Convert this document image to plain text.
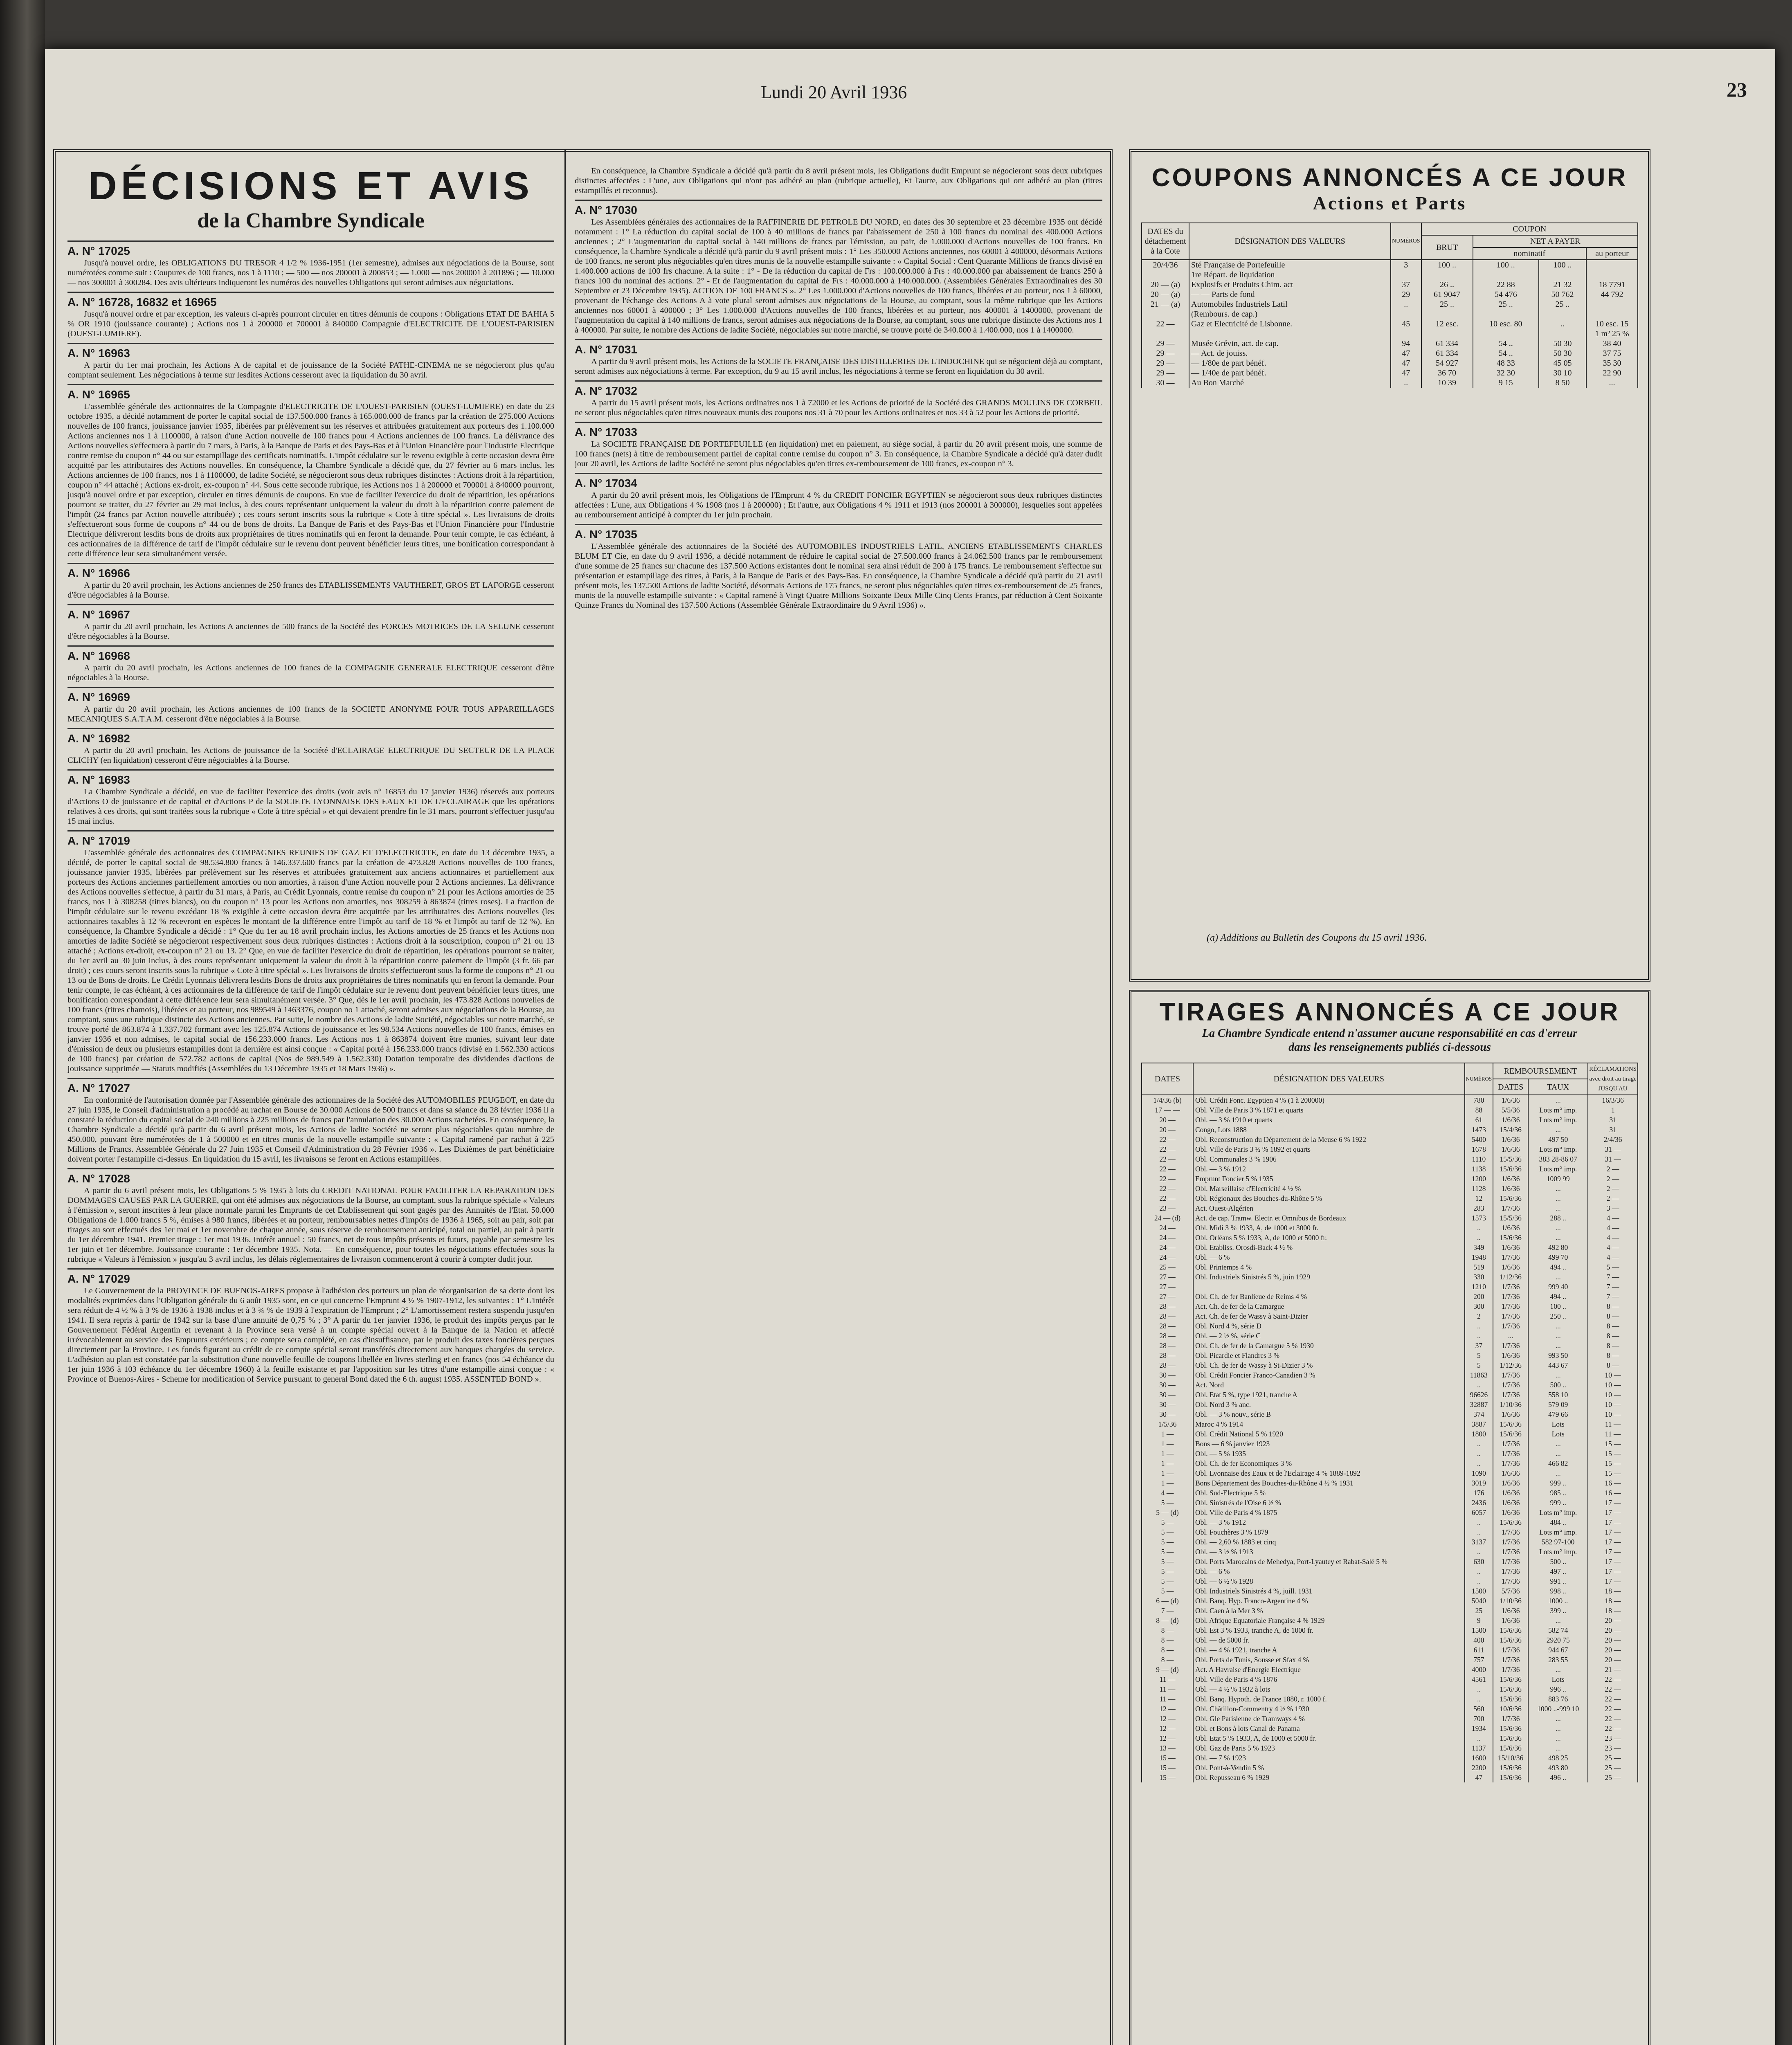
Lundi 20 Avril 1936	23
DÉCISIONS ET AVIS
de la Chambre Syndicale
A. N° 17025

Jusqu'à nouvel ordre, les OBLIGATIONS DU TRESOR 4 1/2 % 1936-1951 (1er semestre), admises aux négociations de la Bourse, sont numérotées comme suit : Coupures de 100 francs, nos 1 à 1110 ; — 500 — nos 200001 à 200853 ; — 1.000 — nos 200001 à 201896 ; — 10.000 — nos 300001 à 300284. Des avis ultérieurs indiqueront les numéros des nouvelles Obligations qui seront admises aux négociations.

A. N° 16728, 16832 et 16965

Jusqu'à nouvel ordre et par exception, les valeurs ci-après pourront circuler en titres démunis de coupons : Obligations ETAT DE BAHIA 5 % OR 1910 (jouissance courante) ; Actions nos 1 à 200000 et 700001 à 840000 Compagnie d'ELECTRICITE DE L'OUEST-PARISIEN (OUEST-LUMIERE).

A. N° 16963

A partir du 1er mai prochain, les Actions A de capital et de jouissance de la Société PATHE-CINEMA ne se négocieront plus qu'au comptant seulement. Les négociations à terme sur lesdites Actions cesseront avec la liquidation du 30 avril.

A. N° 16965

L'assemblée générale des actionnaires de la Compagnie d'ELECTRICITE DE L'OUEST-PARISIEN (OUEST-LUMIERE) en date du 23 octobre 1935, a décidé notamment de porter le capital social de 137.500.000 francs à 165.000.000 de francs par la création de 275.000 Actions nouvelles de 100 francs, jouissance janvier 1935, libérées par prélèvement sur les réserves et attribuées gratuitement aux porteurs des 1.100.000 Actions anciennes nos 1 à 1100000, à raison d'une Action nouvelle de 100 francs pour 4 Actions anciennes de 100 francs. La délivrance des Actions nouvelles s'effectuera à partir du 7 mars, à Paris, à la Banque de Paris et des Pays-Bas et à l'Union Financière pour l'Industrie Electrique contre remise du coupon n° 44 ou sur estampillage des certificats nominatifs. L'impôt cédulaire sur le revenu exigible à cette occasion devra être acquitté par les attributaires des Actions nouvelles. En conséquence, la Chambre Syndicale a décidé que, du 27 février au 6 mars inclus, les Actions anciennes de 100 francs, nos 1 à 1100000, de ladite Société, se négocieront sous deux rubriques distinctes : Actions droit à la répartition, coupon n° 44 attaché ; Actions ex-droit, ex-coupon n° 44. Sous cette seconde rubrique, les Actions nos 1 à 200000 et 700001 à 840000 pourront, jusqu'à nouvel ordre et par exception, circuler en titres démunis de coupons. En vue de faciliter l'exercice du droit de répartition, les opérations pourront se traiter, du 27 février au 29 mai inclus, à des cours représentant uniquement la valeur du droit à la répartition contre paiement de l'impôt (24 francs par Action nouvelle attribuée) ; ces cours seront inscrits sous la rubrique « Cote à titre spécial ». Les livraisons de droits s'effectueront sous forme de coupons n° 44 ou de bons de droits. La Banque de Paris et des Pays-Bas et l'Union Financière pour l'Industrie Electrique délivreront lesdits bons de droits aux propriétaires de titres nominatifs qui en feront la demande. Pour tenir compte, le cas échéant, à ces actionnaires de la différence de tarif de l'impôt cédulaire sur le revenu dont peuvent bénéficier leurs titres, une bonification correspondant à cette différence leur sera simultanément versée.

A. N° 16966

A partir du 20 avril prochain, les Actions anciennes de 250 francs des ETABLISSEMENTS VAUTHERET, GROS ET LAFORGE cesseront d'être négociables à la Bourse.

A. N° 16967

A partir du 20 avril prochain, les Actions A anciennes de 500 francs de la Société des FORCES MOTRICES DE LA SELUNE cesseront d'être négociables à la Bourse.

A. N° 16968

A partir du 20 avril prochain, les Actions anciennes de 100 francs de la COMPAGNIE GENERALE ELECTRIQUE cesseront d'être négociables à la Bourse.

A. N° 16969

A partir du 20 avril prochain, les Actions anciennes de 100 francs de la SOCIETE ANONYME POUR TOUS APPAREILLAGES MECANIQUES S.A.T.A.M. cesseront d'être négociables à la Bourse.

A. N° 16982

A partir du 20 avril prochain, les Actions de jouissance de la Société d'ECLAIRAGE ELECTRIQUE DU SECTEUR DE LA PLACE CLICHY (en liquidation) cesseront d'être négociables à la Bourse.

A. N° 16983

La Chambre Syndicale a décidé, en vue de faciliter l'exercice des droits (voir avis n° 16853 du 17 janvier 1936) réservés aux porteurs d'Actions O de jouissance et de capital et d'Actions P de la SOCIETE LYONNAISE DES EAUX ET DE L'ECLAIRAGE que les opérations relatives à ces droits, qui sont traitées sous la rubrique « Cote à titre spécial » et qui devaient prendre fin le 31 mars, pourront s'effectuer jusqu'au 15 mai inclus.

A. N° 17019

L'assemblée générale des actionnaires des COMPAGNIES REUNIES DE GAZ ET D'ELECTRICITE, en date du 13 décembre 1935, a décidé, de porter le capital social de 98.534.800 francs à 146.337.600 francs par la création de 473.828 Actions nouvelles de 100 francs, jouissance janvier 1935, libérées par prélèvement sur les réserves et attribuées gratuitement aux anciens actionnaires et partiellement aux porteurs des Actions anciennes partiellement amorties ou non amorties, à raison d'une Action nouvelle pour 2 Actions anciennes. La délivrance des Actions nouvelles s'effectue, à partir du 31 mars, à Paris, au Crédit Lyonnais, contre remise du coupon n° 21 pour les Actions amorties de 25 francs, nos 1 à 308258 (titres blancs), ou du coupon n° 13 pour les Actions non amorties, nos 308259 à 863874 (titres roses). La fraction de l'impôt cédulaire sur le revenu excédant 18 % exigible à cette occasion devra être acquittée par les attributaires des Actions nouvelles (les actionnaires taxables à 12 % recevront en espèces le montant de la différence entre l'impôt au tarif de 18 % et l'impôt au tarif de 12 %). En conséquence, la Chambre Syndicale a décidé : 1° Que du 1er au 18 avril prochain inclus, les Actions amorties de 25 francs et les Actions non amorties de ladite Société se négocieront respectivement sous deux rubriques distinctes : Actions droit à la souscription, coupon n° 21 ou 13 attaché ; Actions ex-droit, ex-coupon n° 21 ou 13. 2° Que, en vue de faciliter l'exercice du droit de répartition, les opérations pourront se traiter, du 1er avril au 30 juin inclus, à des cours représentant uniquement la valeur du droit à la répartition contre paiement de l'impôt (3 fr. 66 par droit) ; ces cours seront inscrits sous la rubrique « Cote à titre spécial ». Les livraisons de droits s'effectueront sous la forme de coupons n° 21 ou 13 ou de Bons de droits. Le Crédit Lyonnais délivrera lesdits Bons de droits aux propriétaires de titres nominatifs qui en feront la demande. Pour tenir compte, le cas échéant, à ces actionnaires de la différence de tarif de l'impôt cédulaire sur le revenu dont peuvent bénéficier leurs titres, une bonification correspondant à cette différence leur sera simultanément versée. 3° Que, dès le 1er avril prochain, les 473.828 Actions nouvelles de 100 francs (titres chamois), libérées et au porteur, nos 989549 à 1463376, coupon no 1 attaché, seront admises aux négociations de la Bourse, au comptant, sous une rubrique distincte des Actions anciennes. Par suite, le nombre des Actions de ladite Société, négociables sur notre marché, se trouve porté de 863.874 à 1.337.702 formant avec les 125.874 Actions de jouissance et les 98.534 Actions nouvelles de 100 francs, émises en janvier 1936 et non admises, le capital social de 156.233.000 francs. Les Actions nos 1 à 863874 doivent être munies, suivant leur date d'émission de deux ou plusieurs estampilles dont la dernière est ainsi conçue : « Capital porté à 156.233.000 francs (divisé en 1.562.330 actions de 100 francs) par création de 572.782 actions de capital (Nos de 989.549 à 1.562.330) Dotation temporaire des dividendes d'actions de jouissance supprimée — Statuts modifiés (Assemblées du 13 Décembre 1935 et 18 Mars 1936) ».

A. N° 17027

En conformité de l'autorisation donnée par l'Assemblée générale des actionnaires de la Société des AUTOMOBILES PEUGEOT, en date du 27 juin 1935, le Conseil d'administration a procédé au rachat en Bourse de 30.000 Actions de 500 francs et dans sa séance du 28 février 1936 il a constaté la réduction du capital social de 240 millions à 225 millions de francs par l'annulation des 30.000 Actions rachetées. En conséquence, la Chambre Syndicale a décidé qu'à partir du 6 avril présent mois, les Actions de ladite Société ne seront plus négociables qu'au nombre de 450.000, pouvant être numérotées de 1 à 500000 et en titres munis de la nouvelle estampille suivante : « Capital ramené par rachat à 225 Millions de Francs. Assemblée Générale du 27 Juin 1935 et Conseil d'Administration du 28 Février 1936 ». Les Dixièmes de part bénéficiaire doivent porter l'estampille ci-dessus. En liquidation du 15 avril, les livraisons se feront en Actions estampillées.

A. N° 17028

A partir du 6 avril présent mois, les Obligations 5 % 1935 à lots du CREDIT NATIONAL POUR FACILITER LA REPARATION DES DOMMAGES CAUSES PAR LA GUERRE, qui ont été admises aux négociations de la Bourse, au comptant, sous la rubrique spéciale « Valeurs à l'émission », seront inscrites à leur place normale parmi les Emprunts de cet Etablissement qui sont gagés par des Annuités de l'Etat. 50.000 Obligations de 1.000 francs 5 %, émises à 980 francs, libérées et au porteur, remboursables nettes d'impôts de 1936 à 1965, soit au pair, soit par tirages au sort effectués des 1er mai et 1er novembre de chaque année, sous réserve de remboursement anticipé, total ou partiel, au pair à partir du 1er décembre 1941. Premier tirage : 1er mai 1936. Intérêt annuel : 50 francs, net de tous impôts présents et futurs, payable par semestre les 1er juin et 1er décembre. Jouissance courante : 1er décembre 1935. Nota. — En conséquence, pour toutes les négociations effectuées sous la rubrique « Valeurs à l'émission » jusqu'au 3 avril inclus, les délais réglementaires de livraison commenceront à courir à compter dudit jour.

A. N° 17029

Le Gouvernement de la PROVINCE DE BUENOS-AIRES propose à l'adhésion des porteurs un plan de réorganisation de sa dette dont les modalités exprimées dans l'Obligation générale du 6 août 1935 sont, en ce qui concerne l'Emprunt 4 ½ % 1907-1912, les suivantes : 1° L'intérêt sera réduit de 4 ½ % à 3 % de 1936 à 1938 inclus et à 3 ¾ % de 1939 à l'expiration de l'Emprunt ; 2° L'amortissement restera suspendu jusqu'en 1941. Il sera repris à partir de 1942 sur la base d'une annuité de 0,75 % ; 3° A partir du 1er janvier 1936, le produit des impôts perçus par le Gouvernement Fédéral Argentin et revenant à la Province sera versé à un compte spécial ouvert à la Banque de la Nation et affecté irrévocablement au service des Emprunts extérieurs ; ce compte sera complété, en cas d'insuffisance, par le produit des taxes foncières perçues directement par la Province. Les fonds figurant au crédit de ce compte spécial seront transférés directement aux banques chargées du service. L'adhésion au plan est constatée par la substitution d'une nouvelle feuille de coupons libellée en livres sterling et en francs (nos 54 échéance du 1er juin 1936 à 103 échéance du 1er décembre 1960) à la feuille existante et par l'apposition sur les titres d'une estampille ainsi conçue : « Province of Buenos-Aires - Scheme for modification of Service pursuant to general Bond dated the 6 th. august 1935. ASSENTED BOND ».

En conséquence, la Chambre Syndicale a décidé qu'à partir du 8 avril présent mois, les Obligations dudit Emprunt se négocieront sous deux rubriques distinctes affectées : L'une, aux Obligations qui n'ont pas adhéré au plan (rubrique actuelle), Et l'autre, aux Obligations qui ont adhéré au plan (titres estampillés et reconnus).

A. N° 17030

Les Assemblées générales des actionnaires de la RAFFINERIE DE PETROLE DU NORD, en dates des 30 septembre et 23 décembre 1935 ont décidé notamment : 1° La réduction du capital social de 100 à 40 millions de francs par l'abaissement de 250 à 100 francs du nominal des 400.000 Actions anciennes ; 2° L'augmentation du capital social à 140 millions de francs par l'émission, au pair, de 1.000.000 d'Actions nouvelles de 100 francs. En conséquence, la Chambre Syndicale a décidé qu'à partir du 9 avril présent mois : 1° Les 350.000 Actions anciennes, nos 60001 à 400000, désormais Actions de 100 francs, ne seront plus négociables qu'en titres munis de la nouvelle estampille suivante : « Capital Social : Cent Quarante Millions de francs divisé en 1.400.000 actions de 100 frs chacune. A la suite : 1° - De la réduction du capital de Frs : 100.000.000 à Frs : 40.000.000 par abaissement de francs 250 à francs 100 du nominal des actions. 2° - Et de l'augmentation du capital de Frs : 40.000.000 à 140.000.000. (Assemblées Générales Extraordinaires des 30 Septembre et 23 Décembre 1935). ACTION DE 100 FRANCS ». 2° Les 1.000.000 d'Actions nouvelles de 100 francs, libérées et au porteur, nos 1 à 60000, provenant de l'échange des Actions A à vote plural seront admises aux négociations de la Bourse, au comptant, sous la même rubrique que les Actions anciennes nos 60001 à 400000 ; 3° Les 1.000.000 d'Actions nouvelles de 100 francs, libérées et au porteur, nos 400001 à 1400000, provenant de l'augmentation du capital à 140 millions de francs, seront admises aux négociations de la Bourse, au comptant, sous une rubrique distincte des Actions nos 1 à 400000. Par suite, le nombre des Actions de ladite Société, négociables sur notre marché, se trouve porté de 340.000 à 1.400.000, nos 1 à 1400000.

A. N° 17031

A partir du 9 avril présent mois, les Actions de la SOCIETE FRANÇAISE DES DISTILLERIES DE L'INDOCHINE qui se négocient déjà au comptant, seront admises aux négociations à terme. Par exception, du 9 au 15 avril inclus, les négociations à terme se feront en liquidation du 30 avril.

A. N° 17032

A partir du 15 avril présent mois, les Actions ordinaires nos 1 à 72000 et les Actions de priorité de la Société des GRANDS MOULINS DE CORBEIL ne seront plus négociables qu'en titres nouveaux munis des coupons nos 31 à 70 pour les Actions ordinaires et nos 33 à 52 pour les Actions de priorité.

A. N° 17033

La SOCIETE FRANÇAISE DE PORTEFEUILLE (en liquidation) met en paiement, au siège social, à partir du 20 avril présent mois, une somme de 100 francs (nets) à titre de remboursement partiel de capital contre remise du coupon n° 3. En conséquence, la Chambre Syndicale a décidé qu'à dater dudit jour 20 avril, les Actions de ladite Société ne seront plus négociables qu'en titres ex-remboursement de 100 francs, ex-coupon n° 3.

A. N° 17034

A partir du 20 avril présent mois, les Obligations de l'Emprunt 4 % du CREDIT FONCIER EGYPTIEN se négocieront sous deux rubriques distinctes affectées : L'une, aux Obligations 4 % 1908 (nos 1 à 200000) ; Et l'autre, aux Obligations 4 % 1911 et 1913 (nos 200001 à 300000), lesquelles sont appelées au remboursement anticipé à compter du 1er juin prochain.

A. N° 17035

L'Assemblée générale des actionnaires de la Société des AUTOMOBILES INDUSTRIELS LATIL, ANCIENS ETABLISSEMENTS CHARLES BLUM ET Cie, en date du 9 avril 1936, a décidé notamment de réduire le capital social de 27.500.000 francs à 24.062.500 francs par le remboursement d'une somme de 25 francs sur chacune des 137.500 Actions existantes dont le nominal sera ainsi réduit de 200 à 175 francs. Le remboursement s'effectue sur présentation et estampillage des titres, à Paris, à la Banque de Paris et des Pays-Bas. En conséquence, la Chambre Syndicale a décidé qu'à partir du 21 avril présent mois, les 137.500 Actions de ladite Société, désormais Actions de 175 francs, ne seront plus négociables qu'en titres ex-remboursement de 25 francs, munis de la nouvelle estampille suivante : « Capital ramené à Vingt Quatre Millions Soixante Deux Mille Cinq Cents Francs, par réduction à Cent Soixante Quinze Francs du Nominal des 137.500 Actions (Assemblée Générale Extraordinaire du 9 Avril 1936) ».

COUPONS ANNONCÉS A CE JOUR
Actions et Parts
DATES du détachement à la Cote	DÉSIGNATION DES VALEURS	NUMÉROS	COUPON			
			BRUT	NET A PAYER		
				nominatif		au porteur
20/4/36	Sté Française de Portefeuille	3	100 ..	100 ..	100 ..	
	1re Répart. de liquidation					
20 — (a)	Explosifs et Produits Chim. act	37	26 ..	22 88	21 32	18 7791
20 — (a)	— — Parts de fond	29	61 9047	54 476	50 762	44 792
21 — (a)	Automobiles Industriels Latil	..	25 ..	25 ..	25 ..	
	(Rembours. de cap.)					
22 —	Gaz et Electricité de Lisbonne.	45	12 esc.	10 esc. 80	..	10 esc. 15
						1 m² 25 %
29 —	Musée Grévin, act. de cap.	94	61 334	54 ..	50 30	38 40
29 —	— Act. de jouiss.	47	61 334	54 ..	50 30	37 75
29 —	— 1/80e de part bénéf.	47	54 927	48 33	45 05	35 30
29 —	— 1/40e de part bénéf.	47	36 70	32 30	30 10	22 90
30 —	Au Bon Marché	..	10 39	9 15	8 50	...
(a) Additions au Bulletin des Coupons du 15 avril 1936.
TIRAGES ANNONCÉS A CE JOUR
La Chambre Syndicale entend n'assumer aucune responsabilité en cas d'erreur
dans les renseignements publiés ci-dessous
DATES	DÉSIGNATION DES VALEURS	NUMÉROS	REMBOURSEMENT		RÉCLAMATIONS avec droit au tirage JUSQU'AU
			DATES	TAUX	
1/4/36 (b)	Obl. Crédit Fonc. Egyptien 4 % (1 à 200000)	780	1/6/36	...	16/3/36
17 — —	Obl. Ville de Paris 3 % 1871 et quarts	88	5/5/36	Lots m° imp.	1
20 —	Obl. — 3 % 1910 et quarts	61	1/6/36	Lots m° imp.	31
20 —	Congo, Lots 1888	1473	15/4/36	...	31
22 —	Obl. Reconstruction du Département de la Meuse 6 % 1922	5400	1/6/36	497 50	2/4/36
22 —	Obl. Ville de Paris 3 ½ % 1892 et quarts	1678	1/6/36	Lots m° imp.	31 —
22 —	Obl. Communales 3 % 1906	1110	15/5/36	383 28-86 07	31 —
22 —	Obl. — 3 % 1912	1138	15/6/36	Lots m° imp.	2 —
22 —	Emprunt Foncier 5 % 1935	1200	1/6/36	1009 99	2 —
22 —	Obl. Marseillaise d'Electricité 4 ½ %	1128	1/6/36	...	2 —
22 —	Obl. Régionaux des Bouches-du-Rhône 5 %	12	15/6/36	...	2 —
23 —	Act. Ouest-Algérien	283	1/7/36	...	3 —
24 — (d)	Act. de cap. Tramw. Electr. et Omnibus de Bordeaux	1573	15/5/36	288 ..	4 —
24 —	Obl. Midi 3 % 1933, A, de 1000 et 3000 fr.	..	1/6/36	...	4 —
24 —	Obl. Orléans 5 % 1933, A, de 1000 et 5000 fr.	..	15/6/36	...	4 —
24 —	Obl. Etabliss. Orosdi-Back 4 ½ %	349	1/6/36	492 80	4 —
24 —	Obl. — 6 %	1948	1/7/36	499 70	4 —
25 —	Obl. Printemps 4 %	519	1/6/36	494 ..	5 —
27 —	Obl. Industriels Sinistrés 5 %, juin 1929	330	1/12/36	...	7 —
27 —		1210	1/7/36	999 40	7 —
27 —	Obl. Ch. de fer Banlieue de Reims 4 %	200	1/7/36	494 ..	7 —
28 —	Act. Ch. de fer de la Camargue	300	1/7/36	100 ..	8 —
28 —	Act. Ch. de fer de Wassy à Saint-Dizier	2	1/7/36	250 ..	8 —
28 —	Obl. Nord 4 %, série D	..	1/7/36	...	8 —
28 —	Obl. — 2 ½ %, série C	..	...	...	8 —
28 —	Obl. Ch. de fer de la Camargue 5 % 1930	37	1/7/36	...	8 —
28 —	Obl. Picardie et Flandres 3 %	5	1/6/36	993 50	8 —
28 —	Obl. Ch. de fer de Wassy à St-Dizier 3 %	5	1/12/36	443 67	8 —
30 —	Obl. Crédit Foncier Franco-Canadien 3 %	11863	1/7/36	...	10 —
30 —	Act. Nord	..	1/7/36	500 ..	10 —
30 —	Obl. Etat 5 %, type 1921, tranche A	96626	1/7/36	558 10	10 —
30 —	Obl. Nord 3 % anc.	32887	1/10/36	579 09	10 —
30 —	Obl. — 3 % nouv., série B	374	1/6/36	479 66	10 —
1/5/36	Maroc 4 % 1914	3887	15/6/36	Lots	11 —
1 —	Obl. Crédit National 5 % 1920	1800	15/6/36	Lots	11 —
1 —	Bons — 6 % janvier 1923	..	1/7/36	...	15 —
1 —	Obl. — 5 % 1935	..	1/7/36	...	15 —
1 —	Obl. Ch. de fer Economiques 3 %	..	1/7/36	466 82	15 —
1 —	Obl. Lyonnaise des Eaux et de l'Eclairage 4 % 1889-1892	1090	1/6/36	...	15 —
1 —	Bons Département des Bouches-du-Rhône 4 ½ % 1931	3019	1/6/36	999 ..	16 —
4 —	Obl. Sud-Electrique 5 %	176	1/6/36	985 ..	16 —
5 —	Obl. Sinistrés de l'Oise 6 ½ %	2436	1/6/36	999 ..	17 —
5 — (d)	Obl. Ville de Paris 4 % 1875	6057	1/6/36	Lots m° imp.	17 —
5 —	Obl. — 3 % 1912	..	15/6/36	484 ..	17 —
5 —	Obl. Fouchères 3 % 1879	..	1/7/36	Lots m° imp.	17 —
5 —	Obl. — 2,60 % 1883 et cinq	3137	1/7/36	582 97-100	17 —
5 —	Obl. — 3 ½ % 1913	..	1/7/36	Lots m° imp.	17 —
5 —	Obl. Ports Marocains de Mehedya, Port-Lyautey et Rabat-Salé 5 %	630	1/7/36	500 ..	17 —
5 —	Obl. — 6 %	..	1/7/36	497 ..	17 —
5 —	Obl. — 6 ½ % 1928	..	1/7/36	991 ..	17 —
5 —	Obl. Industriels Sinistrés 4 %, juill. 1931	1500	5/7/36	998 ..	18 —
6 — (d)	Obl. Banq. Hyp. Franco-Argentine 4 %	5040	1/10/36	1000 ..	18 —
7 —	Obl. Caen à la Mer 3 %	25	1/6/36	399 ..	18 —
8 — (d)	Obl. Afrique Equatoriale Française 4 % 1929	9	1/6/36	...	20 —
8 —	Obl. Est 3 % 1933, tranche A, de 1000 fr.	1500	15/6/36	582 74	20 —
8 —	Obl. — de 5000 fr.	400	15/6/36	2920 75	20 —
8 —	Obl. — 4 % 1921, tranche A	611	1/7/36	944 67	20 —
8 —	Obl. Ports de Tunis, Sousse et Sfax 4 %	757	1/7/36	283 55	20 —
9 — (d)	Act. A Havraise d'Energie Electrique	4000	1/7/36	...	21 —
11 —	Obl. Ville de Paris 4 % 1876	4561	15/6/36	Lots	22 —
11 —	Obl. — 4 ½ % 1932 à lots	..	15/6/36	996 ..	22 —
11 —	Obl. Banq. Hypoth. de France 1880, r. 1000 f.	..	15/6/36	883 76	22 —
12 —	Obl. Châtillon-Commentry 4 ½ % 1930	560	10/6/36	1000 ..-999 10	22 —
12 —	Obl. Gle Parisienne de Tramways 4 %	700	1/7/36	...	22 —
12 —	Obl. et Bons à lots Canal de Panama	1934	15/6/36	...	22 —
12 —	Obl. Etat 5 % 1933, A, de 1000 et 5000 fr.	..	15/6/36	...	23 —
13 —	Obl. Gaz de Paris 5 % 1923	1137	15/6/36	...	23 —
15 —	Obl. — 7 % 1923	1600	15/10/36	498 25	25 —
15 —	Obl. Pont-à-Vendin 5 %	2200	15/6/36	493 80	25 —
15 —	Obl. Repusseau 6 % 1929	47	15/6/36	496 ..	25 —
